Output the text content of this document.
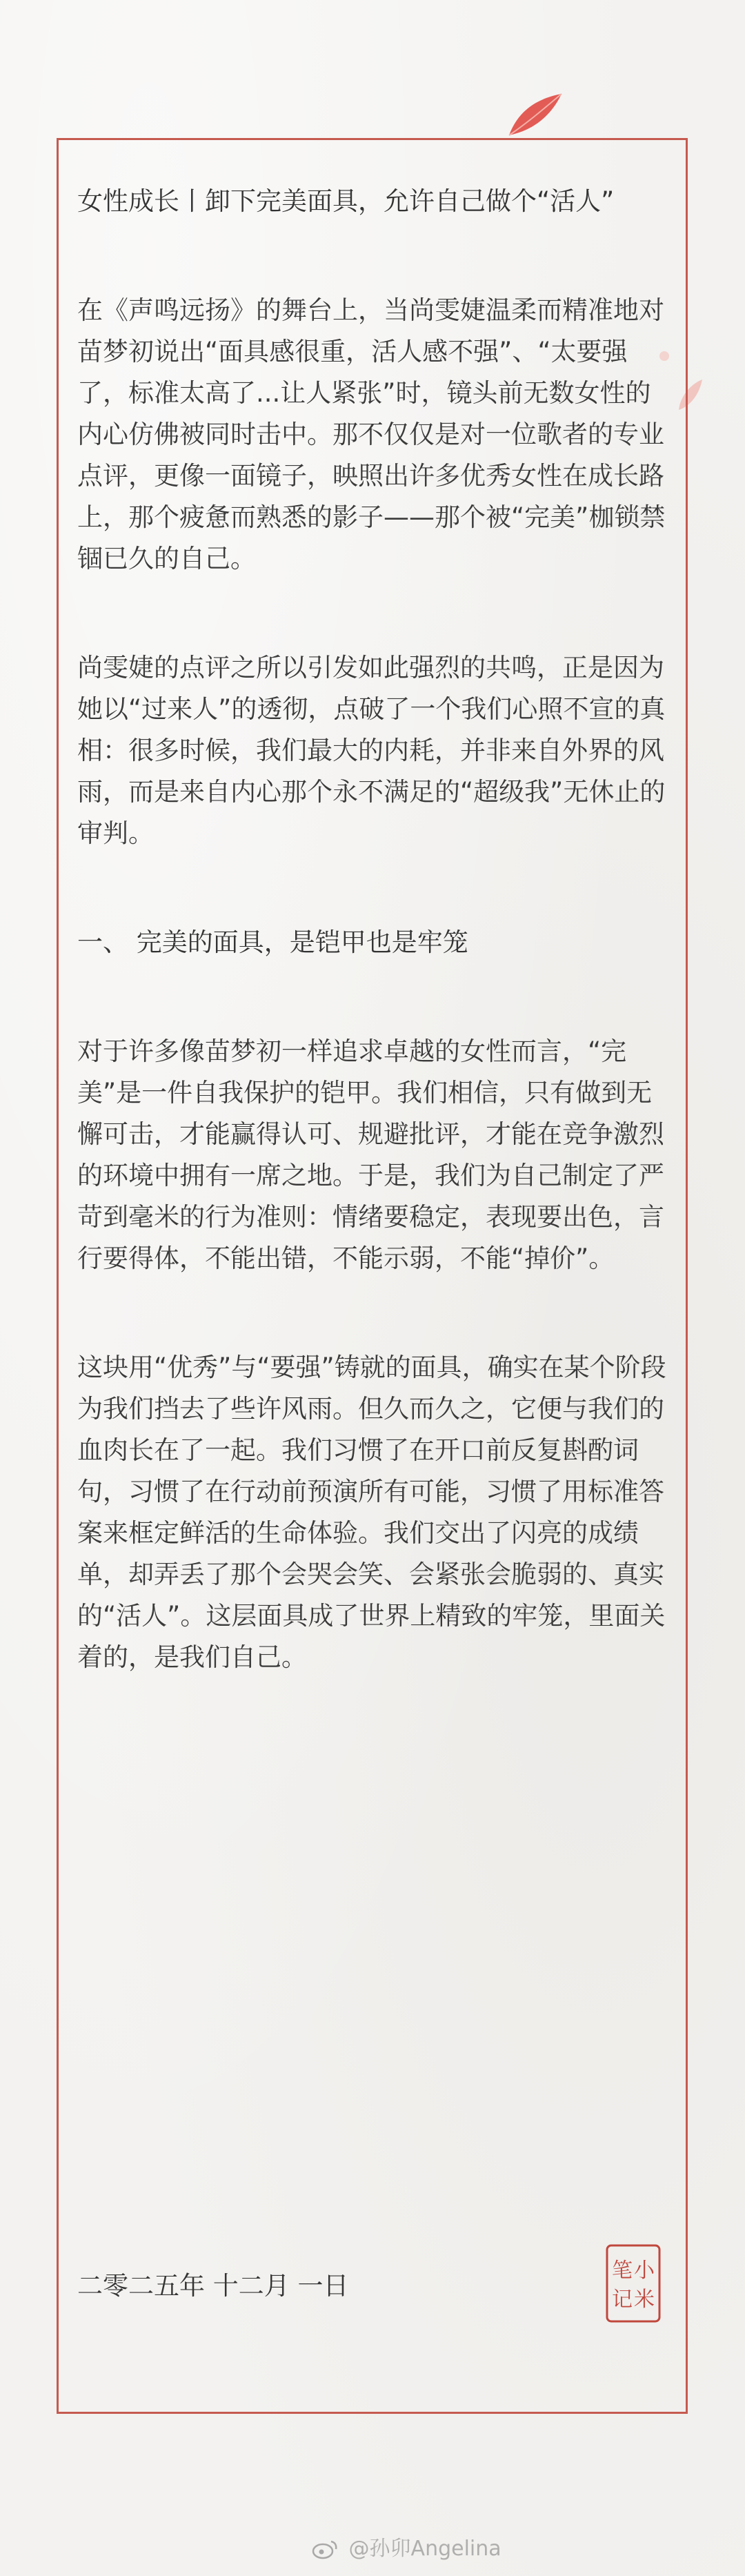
女性成长丨卸下完美面具，允许自己做个“活人”
在《声鸣远扬》的舞台上，当尚雯婕温柔而精准地对苗梦初说出“面具感很重，活人感不强”、“太要强了，标准太高了...让人紧张”时，镜头前无数女性的内心仿佛被同时击中。那不仅仅是对一位歌者的专业点评，更像一面镜子，映照出许多优秀女性在成长路上，那个疲惫而熟悉的影子——那个被“完美”枷锁禁锢已久的自己。
尚雯婕的点评之所以引发如此强烈的共鸣，正是因为她以“过来人”的透彻，点破了一个我们心照不宣的真相：很多时候，我们最大的内耗，并非来自外界的风雨，而是来自内心那个永不满足的“超级我”无休止的审判。
一、 完美的面具，是铠甲也是牢笼
对于许多像苗梦初一样追求卓越的女性而言，“完美”是一件自我保护的铠甲。我们相信，只有做到无懈可击，才能赢得认可、规避批评，才能在竞争激烈的环境中拥有一席之地。于是，我们为自己制定了严苛到毫米的行为准则：情绪要稳定，表现要出色，言行要得体，不能出错，不能示弱，不能“掉价”。
这块用“优秀”与“要强”铸就的面具，确实在某个阶段为我们挡去了些许风雨。但久而久之，它便与我们的血肉长在了一起。我们习惯了在开口前反复斟酌词句，习惯了在行动前预演所有可能，习惯了用标准答案来框定鲜活的生命体验。我们交出了闪亮的成绩单，却弄丢了那个会哭会笑、会紧张会脆弱的、真实的“活人”。这层面具成了世界上精致的牢笼，里面关着的，是我们自己。
二零二五年 十二月 一日
小
米
笔
记
@孙卯Angelina
